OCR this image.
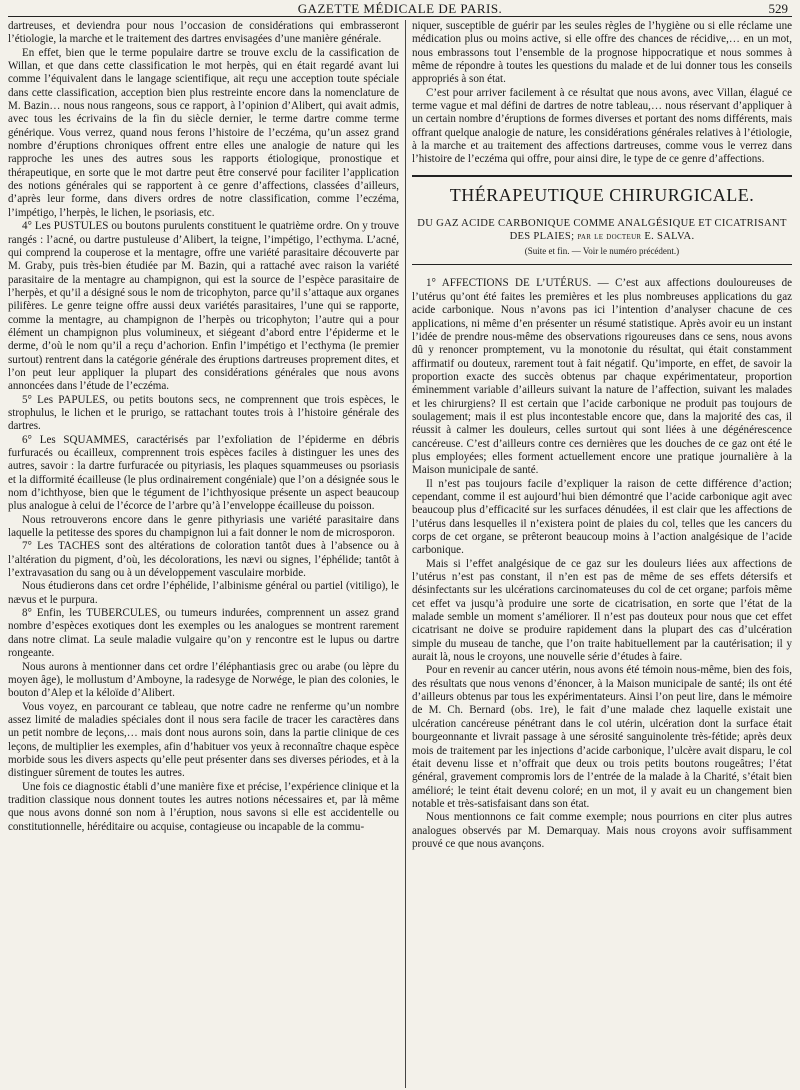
GAZETTE MÉDICALE DE PARIS.	529

dartreuses, et deviendra pour nous l’occasion de considérations qui embrasseront l’étiologie, la marche et le traitement des dartres envisagées d’une manière générale.

En effet, bien que le terme populaire dartre se trouve exclu de la cassification de Willan, et que dans cette classification le mot herpès, qui en était regardé avant lui comme l’équivalent dans le langage scientifique, ait reçu une acception toute spéciale dans cette classification, acception bien plus restreinte encore dans la nomenclature de M. Bazin… nous nous rangeons, sous ce rapport, à l’opinion d’Alibert, qui avait admis, avec tous les écrivains de la fin du siècle dernier, le terme dartre comme terme générique. Vous verrez, quand nous ferons l’histoire de l’eczéma, qu’un assez grand nombre d’éruptions chroniques offrent entre elles une analogie de nature qui les rapproche les unes des autres sous les rapports étiologique, pronostique et thérapeutique, en sorte que le mot dartre peut être conservé pour faciliter l’application des notions générales qui se rapportent à ce genre d’affections, classées d’ailleurs, d’après leur forme, dans divers ordres de notre classification, comme l’eczéma, l’impétigo, l’herpès, le lichen, le psoriasis, etc.

4° Les PUSTULES ou boutons purulents constituent le quatrième ordre. On y trouve rangés : l’acné, ou dartre pustuleuse d’Alibert, la teigne, l’impétigo, l’ecthyma. L’acné, qui comprend la couperose et la mentagre, offre une variété parasitaire découverte par M. Graby, puis très-bien étudiée par M. Bazin, qui a rattaché avec raison la variété parasitaire de la mentagre au champignon, qui est la source de l’espèce parasitaire de l’herpès, et qu’il a désigné sous le nom de tricophyton, parce qu’il s’attaque aux organes pilifères. Le genre teigne offre aussi deux variétés parasitaires, l’une qui se rapporte, comme la mentagre, au champignon de l’herpès ou tricophyton; l’autre qui a pour élément un champignon plus volumineux, et siégeant d’abord entre l’épiderme et le derme, d’où le nom qu’il a reçu d’achorion. Enfin l’impétigo et l’ecthyma (le premier surtout) rentrent dans la catégorie générale des éruptions dartreuses proprement dites, et l’on peut leur appliquer la plupart des considérations générales que nous avons annoncées dans l’étude de l’eczéma.

5° Les PAPULES, ou petits boutons secs, ne comprennent que trois espèces, le strophulus, le lichen et le prurigo, se rattachant toutes trois à l’histoire générale des dartres.

6° Les SQUAMMES, caractérisés par l’exfoliation de l’épiderme en débris furfuracés ou écailleux, comprennent trois espèces faciles à distinguer les unes des autres, savoir : la dartre furfuracée ou pityriasis, les plaques squammeuses ou psoriasis et la difformité écailleuse (le plus ordinairement congéniale) que l’on a désignée sous le nom d’ichthyose, bien que le tégument de l’ichthyosique présente un aspect beaucoup plus analogue à celui de l’écorce de l’arbre qu’à l’enveloppe écailleuse du poisson.

Nous retrouverons encore dans le genre pithyriasis une variété parasitaire dans laquelle la petitesse des spores du champignon lui a fait donner le nom de microsporon.

7° Les TACHES sont des altérations de coloration tantôt dues à l’absence ou à l’altération du pigment, d’où, les décolorations, les nævi ou signes, l’éphélide; tantôt à l’extravasation du sang ou à un développement vasculaire morbide.

Nous étudierons dans cet ordre l’éphélide, l’albinisme général ou partiel (vitiligo), le nævus et le purpura.

8° Enfin, les TUBERCULES, ou tumeurs indurées, comprennent un assez grand nombre d’espèces exotiques dont les exemples ou les analogues se montrent rarement dans notre climat. La seule maladie vulgaire qu’on y rencontre est le lupus ou dartre rongeante.

Nous aurons à mentionner dans cet ordre l’éléphantiasis grec ou arabe (ou lèpre du moyen âge), le mollustum d’Amboyne, la radesyge de Norwége, le pian des colonies, le bouton d’Alep et la kéloïde d’Alibert.

Vous voyez, en parcourant ce tableau, que notre cadre ne renferme qu’un nombre assez limité de maladies spéciales dont il nous sera facile de tracer les caractères dans un petit nombre de leçons,… mais dont nous aurons soin, dans la partie clinique de ces leçons, de multiplier les exemples, afin d’habituer vos yeux à reconnaître chaque espèce morbide sous les divers aspects qu’elle peut présenter dans ses diverses périodes, et à la distinguer sûrement de toutes les autres.

Une fois ce diagnostic établi d’une manière fixe et précise, l’expérience clinique et la tradition classique nous donnent toutes les autres notions nécessaires et, par là même que nous avons donné son nom à l’éruption, nous savons si elle est accidentelle ou constitutionnelle, héréditaire ou acquise, contagieuse ou incapable de la commu-

niquer, susceptible de guérir par les seules règles de l’hygiène ou si elle réclame une médication plus ou moins active, si elle offre des chances de récidive,… en un mot, nous embrassons tout l’ensemble de la prognose hippocratique et nous sommes à même de répondre à toutes les questions du malade et de lui donner tous les conseils appropriés à son état.

C’est pour arriver facilement à ce résultat que nous avons, avec Villan, élagué ce terme vague et mal défini de dartres de notre tableau,… nous réservant d’appliquer à un certain nombre d’éruptions de formes diverses et portant des noms différents, mais offrant quelque analogie de nature, les considérations générales relatives à l’étiologie, à la marche et au traitement des affections dartreuses, comme vous le verrez dans l’histoire de l’eczéma qui offre, pour ainsi dire, le type de ce genre d’affections.

THÉRAPEUTIQUE CHIRURGICALE.
DU GAZ ACIDE CARBONIQUE COMME ANALGÉSIQUE ET CICATRISANT DES PLAIES; par le docteur E. SALVA.
(Suite et fin. — Voir le numéro précédent.)

1° AFFECTIONS DE L’UTÉRUS. — C’est aux affections douloureuses de l’utérus qu’ont été faites les premières et les plus nombreuses applications du gaz acide carbonique. Nous n’avons pas ici l’intention d’analyser chacune de ces applications, ni même d’en présenter un résumé statistique. Après avoir eu un instant l’idée de prendre nous-même des observations rigoureuses dans ce sens, nous avons dû y renoncer promptement, vu la monotonie du résultat, qui était constamment affirmatif ou douteux, rarement tout à fait négatif. Qu’importe, en effet, de savoir la proportion exacte des succès obtenus par chaque expérimentateur, proportion éminemment variable d’ailleurs suivant la nature de l’affection, suivant les malades et les chirurgiens? Il est certain que l’acide carbonique ne produit pas toujours de soulagement; mais il est plus incontestable encore que, dans la majorité des cas, il réussit à calmer les douleurs, celles surtout qui sont liées à une dégénérescence cancéreuse. C’est d’ailleurs contre ces dernières que les douches de ce gaz ont été le plus employées; elles forment actuellement encore une pratique journalière à la Maison municipale de santé.

Il n’est pas toujours facile d’expliquer la raison de cette différence d’action; cependant, comme il est aujourd’hui bien démontré que l’acide carbonique agit avec beaucoup plus d’efficacité sur les surfaces dénudées, il est clair que les affections de l’utérus dans lesquelles il n’existera point de plaies du col, telles que les cancers du corps de cet organe, se prêteront beaucoup moins à l’action analgésique de l’acide carbonique.

Mais si l’effet analgésique de ce gaz sur les douleurs liées aux affections de l’utérus n’est pas constant, il n’en est pas de même de ses effets détersifs et désinfectants sur les ulcérations carcinomateuses du col de cet organe; parfois même cet effet va jusqu’à produire une sorte de cicatrisation, en sorte que l’état de la malade semble un moment s’améliorer. Il n’est pas douteux pour nous que cet effet cicatrisant ne doive se produire rapidement dans la plupart des cas d’ulcération simple du museau de tanche, que l’on traite habituellement par la cautérisation; il y aurait là, nous le croyons, une nouvelle série d’études à faire.

Pour en revenir au cancer utérin, nous avons été témoin nous-même, bien des fois, des résultats que nous venons d’énoncer, à la Maison municipale de santé; ils ont été d’ailleurs obtenus par tous les expérimentateurs. Ainsi l’on peut lire, dans le mémoire de M. Ch. Bernard (obs. 1re), le fait d’une malade chez laquelle existait une ulcération cancéreuse pénétrant dans le col utérin, ulcération dont la surface était bourgeonnante et livrait passage à une sérosité sanguinolente très-fétide; après deux mois de traitement par les injections d’acide carbonique, l’ulcère avait disparu, le col était devenu lisse et n’offrait que deux ou trois petits boutons rougeâtres; l’état général, gravement compromis lors de l’entrée de la malade à la Charité, s’était bien amélioré; le teint était devenu coloré; en un mot, il y avait eu un changement bien notable et très-satisfaisant dans son état.

Nous mentionnons ce fait comme exemple; nous pourrions en citer plus autres analogues observés par M. Demarquay. Mais nous croyons avoir suffisamment prouvé ce que nous avançons.
